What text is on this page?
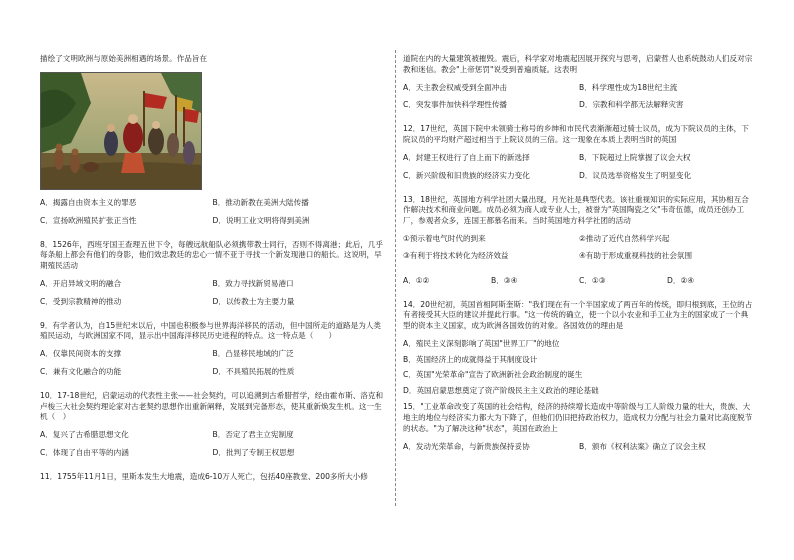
描绘了文明欧洲与原始美洲相遇的场景。作品旨在

A．揭露自由资本主义的罪恶	B．推动新教在美洲大陆传播
C．宣扬欧洲殖民扩张正当性	D．说明工业文明将得到美洲

8．1526年，西班牙国王查理五世下令，每艘远航船队必须携带教士同行，否则不得离港；此后，几乎每条船上都会有他们的身影，他们效忠教廷的忠心一情不亚于寻找一个新发现港口的船长。这说明，早期殖民活动

A．开启异域文明的融合	B．致力寻找新贸易港口
C．受到宗教精神的推动	D．以传教士为主要力量

9．有学者认为，自15世纪末以后，中国也积极参与世界海洋移民的活动，但中国所走的道路是为人类殖民运动，与欧洲国家不同，显示出中国海洋移民历史进程的特点。这一特点是（　　）

A．仅靠民间资本的支撑	B．凸显移民地域的广泛
C．兼有文化融合的功能	D．不具殖民拓展的性质

10．17-18世纪，启蒙运动的代表性主张——社会契约，可以追溯到古希腊哲学，经由霍布斯、洛克和卢梭三大社会契约理论家对古老契约思想作出重新阐释，发展到完备形态，使其重新焕发生机。这一生机（　）

A．复兴了古希腊思想文化	B．否定了君主立宪制度
C．体现了自由平等的内涵	D．批判了专制王权思想

11．1755年11月1日，里斯本发生大地震，造成6-10万人死亡，包括40座教堂、200多所大小修

道院在内的大量建筑被摧毁。震后，科学家对地震起因展开探究与思考，启蒙哲人也系统鼓动人们反对宗教和迷信。教会"上帝惩罚"说受到普遍质疑。这表明

A．天主教会权威受到全面冲击	B．科学理性成为18世纪主流
C．突发事件加快科学理性传播	D．宗教和科学都无法解释灾害

12．17世纪，英国下院中未领骑士称号的乡绅和市民代表渐渐超过骑士议员，成为下院议员的主体，下院议员的平均财产超过相当于上院议员的三倍。这一现象在本质上表明当时的英国

A．封建王权进行了自上而下的新选择	B．下院超过上院掌握了议会大权
C．新兴阶级和旧贵族的经济实力变化	D．议员选举资格发生了明显变化

13．18世纪，英国地方科学社团大量出现，月光社是典型代表。该社重视知识的实际应用，其协相互合作解决技术和商业问题。成员必须为商人或专业人士，被誉为"英国陶瓷之父"韦奇伍德，成员还创办工厂，参观者众多，连国王都慕名而来。当时英国地方科学社团的活动

①预示着电气时代的到来	②推动了近代自然科学兴起
③有利于将技术转化为经济效益	④有助于形成重视科技的社会氛围
A．①②	B．③④	C．①③	D．②④

14．20世纪初，英国首相阿斯奎斯："我们现在有一个半国家成了两百年的传统，即归根到底，王位的占有者接受其大臣的建议并提此行事。"这一传统的确立，使一个以小农业和手工业为主的国家成了一个典型的资本主义国家，成为欧洲各国效仿的对象。各国效仿的理由是

A．殖民主义深刻影响了英国"世界工厂"的地位

B．英国经济上的成就得益于其制度设计

C．英国"光荣革命"宣告了欧洲新社会政治制度的诞生

D．英国启蒙思想奠定了资产阶级民主主义政治的理论基础

15．"工业革命改变了英国的社会结构，经济的持续增长造成中等阶级与工人阶级力量的壮大，贵族、大地主的地位与经济实力都大为下降了，但他们仍旧把持政治权力，造成权力分配与社会力量对比高度脱节的状态。"为了解决这种"状态"，英国在政治上

A．发动光荣革命，与新贵族保持妥协	B．颁布《权利法案》确立了议会主权
